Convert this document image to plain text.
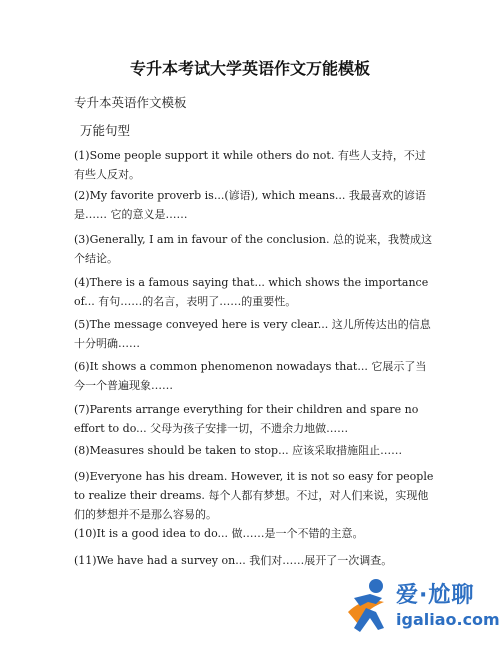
专升本考试大学英语作文万能模板
专升本英语作文模板
万能句型
(1)Some people support it while others do not. 有些人支持，不过有些人反对。
(2)My favorite proverb is...(谚语), which means... 我最喜欢的谚语是…… 它的意义是……
(3)Generally, I am in favour of the conclusion. 总的说来，我赞成这个结论。
(4)There is a famous saying that... which shows the importance of... 有句……的名言，表明了……的重要性。
(5)The message conveyed here is very clear... 这儿所传达出的信息十分明确……
(6)It shows a common phenomenon nowadays that... 它展示了当今一个普遍现象……
(7)Parents arrange everything for their children and spare no effort to do... 父母为孩子安排一切，不遗余力地做……
(8)Measures should be taken to stop... 应该采取措施阻止……
(9)Everyone has his dream. However, it is not so easy for people to realize their dreams. 每个人都有梦想。不过，对人们来说，实现他们的梦想并不是那么容易的。
(10)It is a good idea to do... 做……是一个不错的主意。
(11)We have had a survey on... 我们对……展开了一次调查。
爱·尬聊
igaliao.com
